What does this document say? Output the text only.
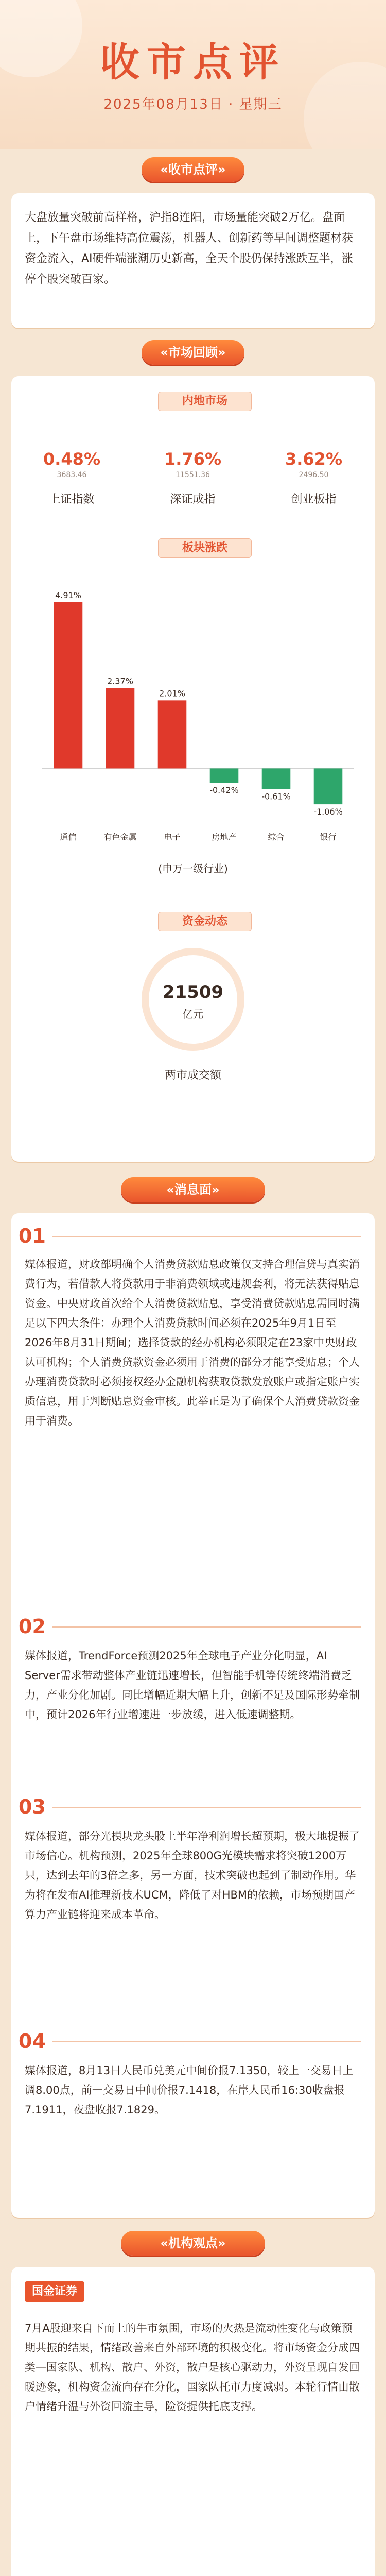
收市点评
2025年08月13日 · 星期三
«收市点评»
大盘放量突破前高样格，沪指8连阳，市场量能突破2万亿。盘面上，下午盘市场维持高位震荡，机器人、创新药等早间调整题材获资金流入，AI硬件端涨潮历史新高，全天个股仍保持涨跌互半，涨停个股突破百家。
«市场回顾»
内地市场
0.48%
3683.46
上证指数
1.76%
11551.36
深证成指
3.62%
2496.50
创业板指
板块涨跌
4.91%
通信
2.37%
有色金属
2.01%
电子
-0.42%
房地产
-0.61%
综合
-1.06%
银行
(申万一级行业)
资金动态
21509
亿元
两市成交额
«消息面»
01
媒体报道，财政部明确个人消费贷款贴息政策仅支持合理信贷与真实消费行为，若借款人将贷款用于非消费领域或违规套利，将无法获得贴息资金。中央财政首次给个人消费贷款贴息，享受消费贷款贴息需同时满足以下四大条件：办理个人消费贷款时间必须在2025年9月1日至2026年8月31日期间；选择贷款的经办机构必须限定在23家中央财政认可机构；个人消费贷款资金必须用于消费的部分才能享受贴息；个人办理消费贷款时必须接权经办金融机构获取贷款发放账户或指定账户实质信息，用于判断贴息资金审核。此举正是为了确保个人消费贷款资金用于消费。
02
媒体报道，TrendForce预测2025年全球电子产业分化明显，AI Server需求带动整体产业链迅速增长，但智能手机等传统终端消费乏力，产业分化加剧。同比增幅近期大幅上升，创新不足及国际形势牵制中，预计2026年行业增速进一步放缓，进入低速调整期。
03
媒体报道，部分光模块龙头股上半年净利润增长超预期，极大地提振了市场信心。机构预测，2025年全球800G光模块需求将突破1200万只，达到去年的3倍之多，另一方面，技术突破也起到了制动作用。华为将在发布AI推理新技术UCM，降低了对HBM的依赖，市场预期国产算力产业链将迎来成本革命。
04
媒体报道，8月13日人民币兑美元中间价报7.1350，较上一交易日上调8.00点，前一交易日中间价报7.1418，在岸人民币16:30收盘报7.1911，夜盘收报7.1829。
«机构观点»
国金证券
7月A股迎来自下而上的牛市氛围，市场的火热是流动性变化与政策预期共振的结果，情绪改善来自外部环境的积极变化。将市场资金分成四类—国家队、机构、散户、外资，散户是核心驱动力，外资呈现自发回暖迹象，机构资金流向存在分化，国家队托市力度减弱。本轮行情由散户情绪升温与外资回流主导，险资提供托底支撑。
